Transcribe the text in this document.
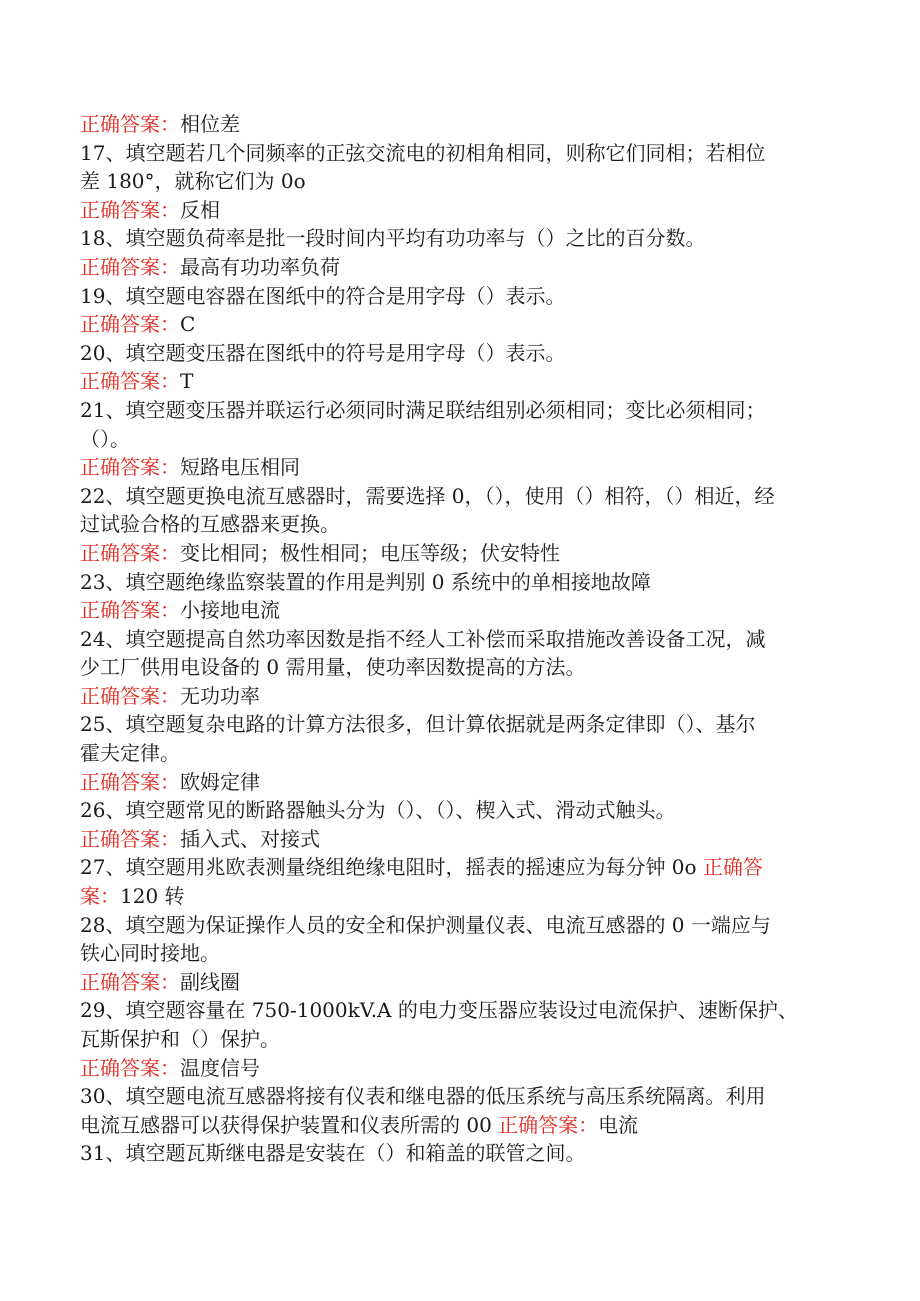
正确答案：相位差
17、填空题若几个同频率的正弦交流电的初相角相同，则称它们同相；若相位
差 180°，就称它们为 0o
正确答案：反相
18、填空题负荷率是批一段时间内平均有功功率与（）之比的百分数。
正确答案：最高有功功率负荷
19、填空题电容器在图纸中的符合是用字母（）表示。
正确答案：C
20、填空题变压器在图纸中的符号是用字母（）表示。
正确答案：T
21、填空题变压器并联运行必须同时满足联结组别必须相同；变比必须相同；
（）。
正确答案：短路电压相同
22、填空题更换电流互感器时，需要选择 0，（），使用（）相符，（）相近，经
过试验合格的互感器来更换。
正确答案：变比相同；极性相同；电压等级；伏安特性
23、填空题绝缘监察装置的作用是判别 0 系统中的单相接地故障
正确答案：小接地电流
24、填空题提高自然功率因数是指不经人工补偿而采取措施改善设备工况，减
少工厂供用电设备的 0 需用量，使功率因数提高的方法。
正确答案：无功功率
25、填空题复杂电路的计算方法很多，但计算依据就是两条定律即（）、基尔
霍夫定律。
正确答案：欧姆定律
26、填空题常见的断路器触头分为（）、（）、楔入式、滑动式触头。
正确答案：插入式、对接式
27、填空题用兆欧表测量绕组绝缘电阻时，摇表的摇速应为每分钟 0o 正确答
案：120 转
28、填空题为保证操作人员的安全和保护测量仪表、电流互感器的 0 一端应与
铁心同时接地。
正确答案：副线圈
29、填空题容量在 750-1000kV.A 的电力变压器应装设过电流保护、速断保护、
瓦斯保护和（）保护。
正确答案：温度信号
30、填空题电流互感器将接有仪表和继电器的低压系统与高压系统隔离。利用
电流互感器可以获得保护装置和仪表所需的 00 正确答案：电流
31、填空题瓦斯继电器是安装在（）和箱盖的联管之间。
